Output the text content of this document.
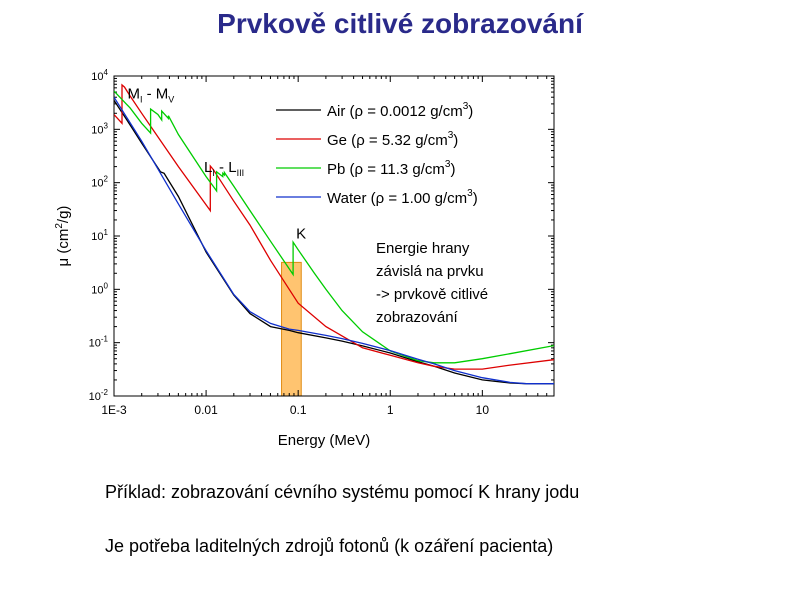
Prvkově citlivé zobrazování
$10^4$
$10^3$
$10^2$
$10^1$
$10^0$
$10^{-1}$
$10^{-2}$
1E-3	0.01	0.1	1	10
Energy (MeV)
μ $(cm^2/g)$
Air (ρ = 0.0012 $g/cm^3$)
Ge (ρ = 5.32 $g/cm^3$)
Pb (ρ = 11.3 $g/cm^3$)
Water (ρ = 1.00 $g/cm^3$)
$M_I - M_V$
$L_I - L_{III}$
K
Energie hrany
závislá na prvku
-> prvkově citlivé
zobrazování
Příklad: zobrazování cévního systému pomocí K hrany jodu
Je potřeba laditelných zdrojů fotonů (k ozáření pacienta)
